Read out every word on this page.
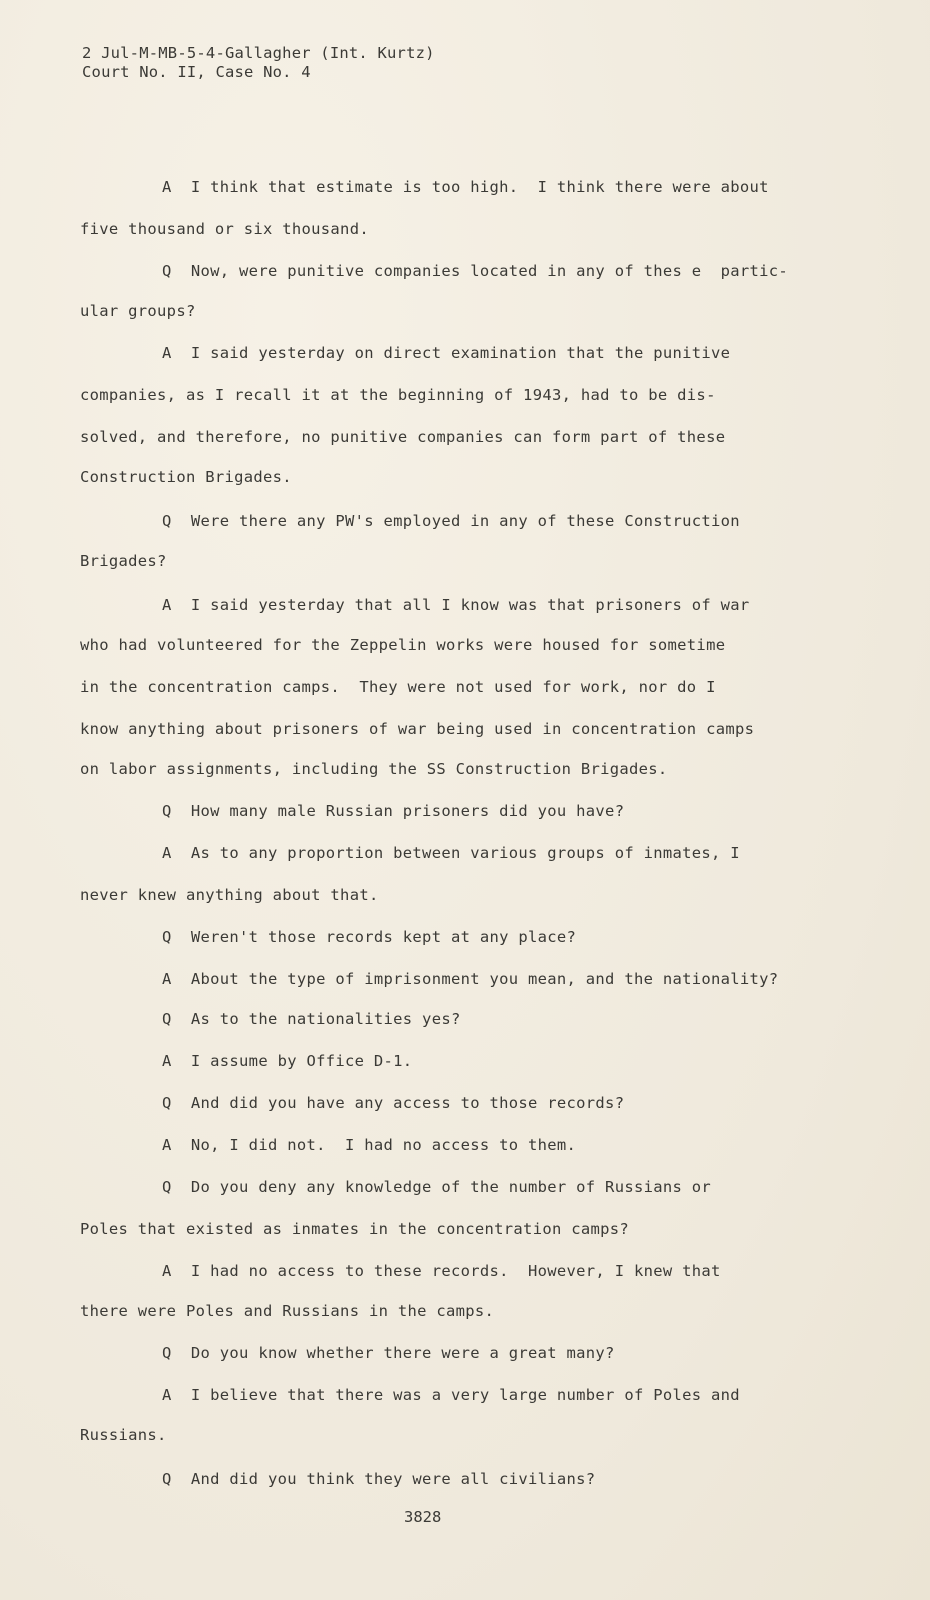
2 Jul-M-MB-5-4-Gallagher (Int. Kurtz)
Court No. II, Case No. 4
A  I think that estimate is too high.  I think there were about
five thousand or six thousand.
Q  Now, were punitive companies located in any of thes e  partic-
ular groups?
A  I said yesterday on direct examination that the punitive
companies, as I recall it at the beginning of 1943, had to be dis-
solved, and therefore, no punitive companies can form part of these
Construction Brigades.
Q  Were there any PW's employed in any of these Construction
Brigades?
A  I said yesterday that all I know was that prisoners of war
who had volunteered for the Zeppelin works were housed for sometime
in the concentration camps.  They were not used for work, nor do I
know anything about prisoners of war being used in concentration camps
on labor assignments, including the SS Construction Brigades.
Q  How many male Russian prisoners did you have?
A  As to any proportion between various groups of inmates, I
never knew anything about that.
Q  Weren't those records kept at any place?
A  About the type of imprisonment you mean, and the nationality?
Q  As to the nationalities yes?
A  I assume by Office D-1.
Q  And did you have any access to those records?
A  No, I did not.  I had no access to them.
Q  Do you deny any knowledge of the number of Russians or
Poles that existed as inmates in the concentration camps?
A  I had no access to these records.  However, I knew that
there were Poles and Russians in the camps.
Q  Do you know whether there were a great many?
A  I believe that there was a very large number of Poles and
Russians.
Q  And did you think they were all civilians?
3828
